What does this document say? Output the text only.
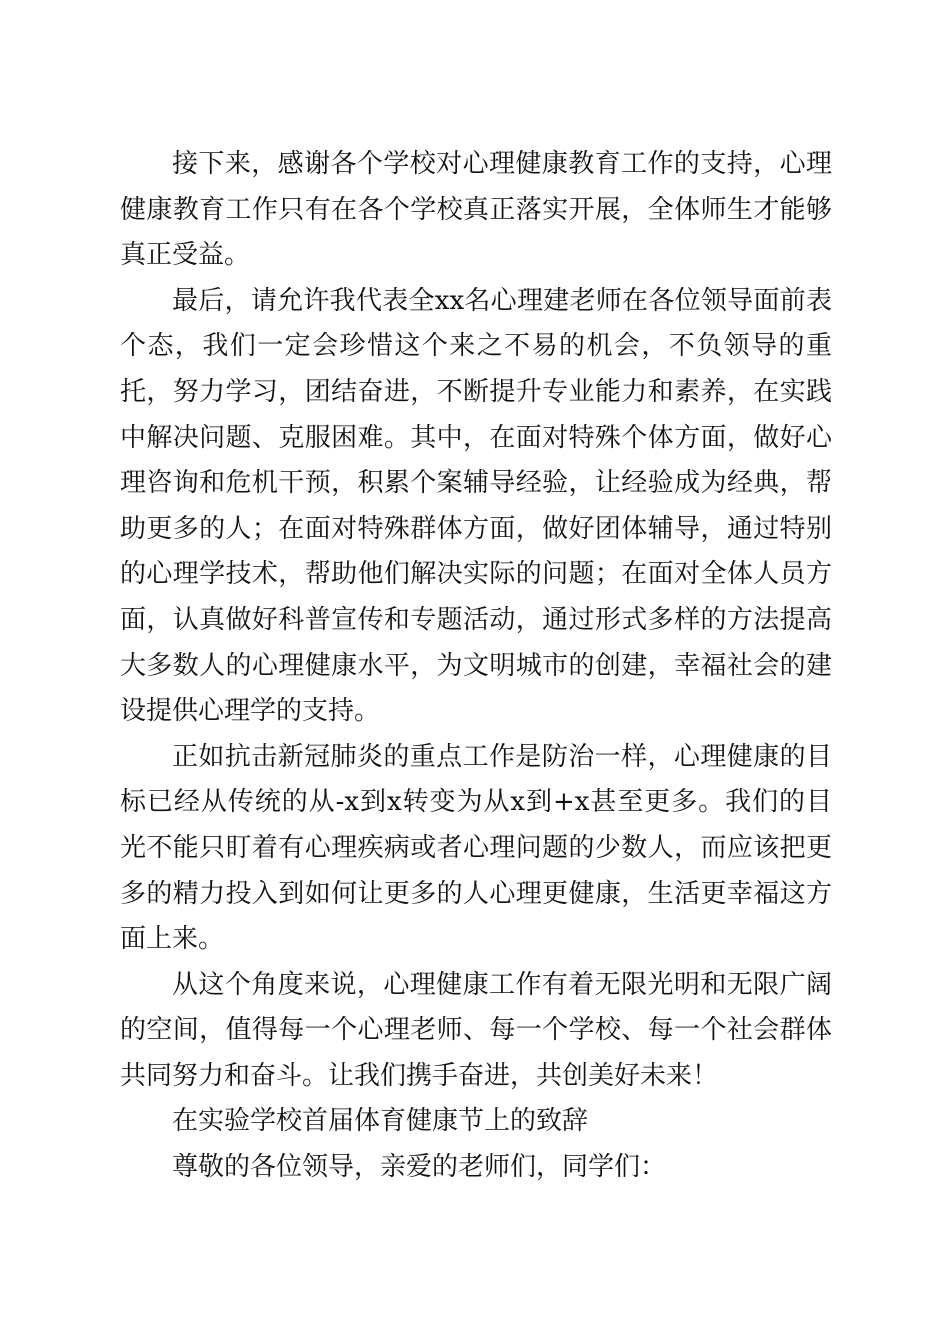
接下来，感谢各个学校对心理健康教育工作的支持，心理健康教育工作只有在各个学校真正落实开展，全体师生才能够真正受益。

最后，请允许我代表全xx名心理建老师在各位领导面前表个态，我们一定会珍惜这个来之不易的机会，不负领导的重托，努力学习，团结奋进，不断提升专业能力和素养，在实践中解决问题、克服困难。其中，在面对特殊个体方面，做好心理咨询和危机干预，积累个案辅导经验，让经验成为经典，帮助更多的人；在面对特殊群体方面，做好团体辅导，通过特别的心理学技术，帮助他们解决实际的问题；在面对全体人员方面，认真做好科普宣传和专题活动，通过形式多样的方法提高大多数人的心理健康水平，为文明城市的创建，幸福社会的建设提供心理学的支持。

正如抗击新冠肺炎的重点工作是防治一样，心理健康的目标已经从传统的从-x到x转变为从x到+x甚至更多。我们的目光不能只盯着有心理疾病或者心理问题的少数人，而应该把更多的精力投入到如何让更多的人心理更健康，生活更幸福这方面上来。

从这个角度来说，心理健康工作有着无限光明和无限广阔的空间，值得每一个心理老师、每一个学校、每一个社会群体共同努力和奋斗。让我们携手奋进，共创美好未来！

在实验学校首届体育健康节上的致辞

尊敬的各位领导，亲爱的老师们，同学们：
